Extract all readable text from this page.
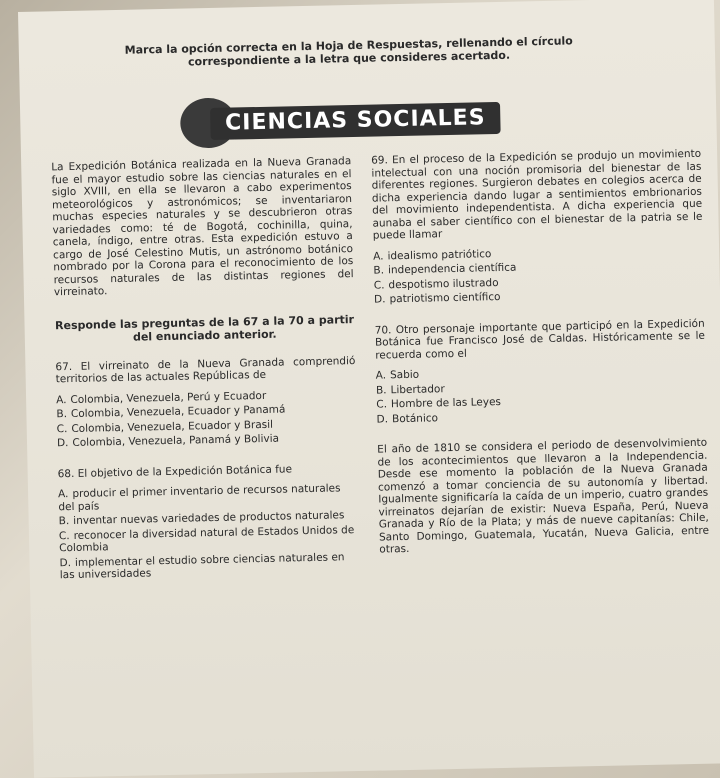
Marca la opción correcta en la Hoja de Respuestas, rellenando el círculo correspondiente a la letra que consideres acertado.
CIENCIAS SOCIALES
La Expedición Botánica realizada en la Nueva Granada fue el mayor estudio sobre las ciencias naturales en el siglo XVIII, en ella se llevaron a cabo experimentos meteorológicos y astronómicos; se inventariaron muchas especies naturales y se descubrieron otras variedades como: té de Bogotá, cochinilla, quina, canela, índigo, entre otras. Esta expedición estuvo a cargo de José Celestino Mutis, un astrónomo botánico nombrado por la Corona para el reconocimiento de los recursos naturales de las distintas regiones del virreinato.
Responde las preguntas de la 67 a la 70 a partir del enunciado anterior.
67. El virreinato de la Nueva Granada comprendió territorios de las actuales Repúblicas de
A. Colombia, Venezuela, Perú y Ecuador
B. Colombia, Venezuela, Ecuador y Panamá
C. Colombia, Venezuela, Ecuador y Brasil
D. Colombia, Venezuela, Panamá y Bolivia
68. El objetivo de la Expedición Botánica fue
A. producir el primer inventario de recursos naturales del país
B. inventar nuevas variedades de productos naturales
C. reconocer la diversidad natural de Estados Unidos de Colombia
D. implementar el estudio sobre ciencias naturales en las universidades
69. En el proceso de la Expedición se produjo un movimiento intelectual con una noción promisoria del bienestar de las diferentes regiones. Surgieron debates en colegios acerca de dicha experiencia dando lugar a sentimientos embrionarios del movimiento independentista. A dicha experiencia que aunaba el saber científico con el bienestar de la patria se le puede llamar
A. idealismo patriótico
B. independencia científica
C. despotismo ilustrado
D. patriotismo científico
70. Otro personaje importante que participó en la Expedición Botánica fue Francisco José de Caldas. Históricamente se le recuerda como el
A. Sabio
B. Libertador
C. Hombre de las Leyes
D. Botánico
El año de 1810 se considera el periodo de desenvolvimiento de los acontecimientos que llevaron a la Independencia. Desde ese momento la población de la Nueva Granada comenzó a tomar conciencia de su autonomía y libertad. Igualmente significaría la caída de un imperio, cuatro grandes virreinatos dejarían de existir: Nueva España, Perú, Nueva Granada y Río de la Plata; y más de nueve capitanías: Chile, Santo Domingo, Guatemala, Yucatán, Nueva Galicia, entre otras.
